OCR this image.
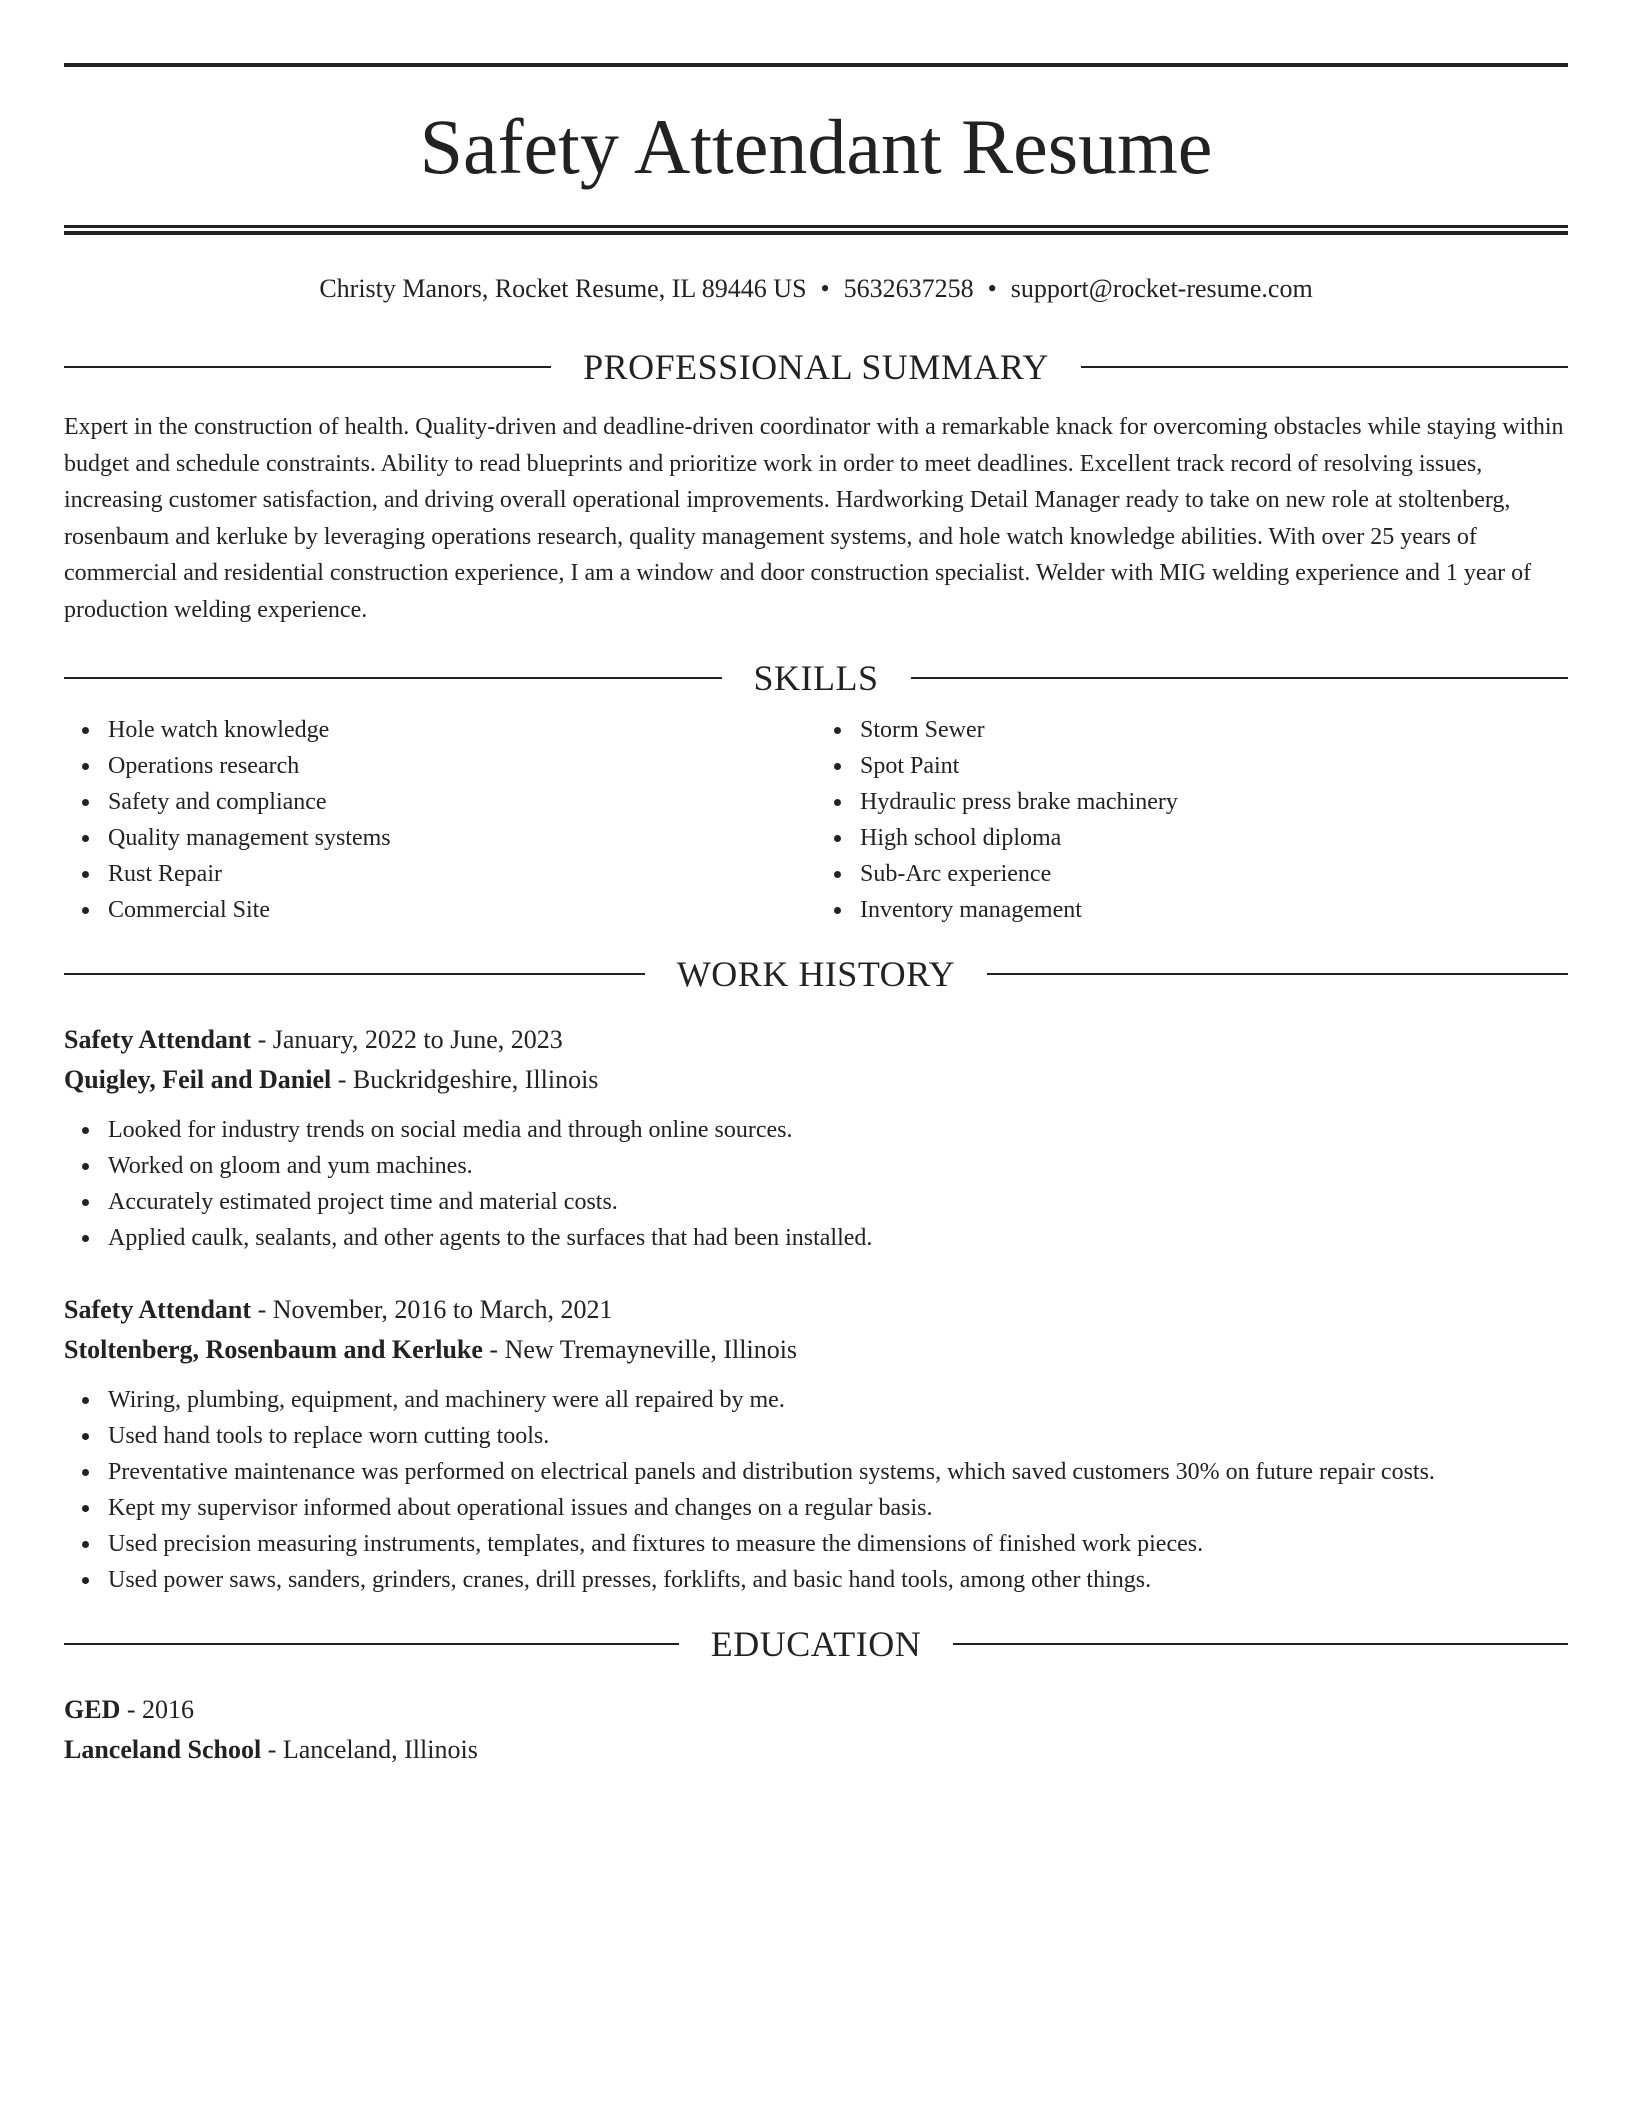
Safety Attendant Resume
Christy Manors, Rocket Resume, IL 89446 US • 5632637258 • support@rocket-resume.com
PROFESSIONAL SUMMARY
Expert in the construction of health. Quality-driven and deadline-driven coordinator with a remarkable knack for overcoming obstacles while staying within budget and schedule constraints. Ability to read blueprints and prioritize work in order to meet deadlines. Excellent track record of resolving issues, increasing customer satisfaction, and driving overall operational improvements. Hardworking Detail Manager ready to take on new role at stoltenberg, rosenbaum and kerluke by leveraging operations research, quality management systems, and hole watch knowledge abilities. With over 25 years of commercial and residential construction experience, I am a window and door construction specialist. Welder with MIG welding experience and 1 year of production welding experience.
SKILLS
Hole watch knowledge
Operations research
Safety and compliance
Quality management systems
Rust Repair
Commercial Site
Storm Sewer
Spot Paint
Hydraulic press brake machinery
High school diploma
Sub-Arc experience
Inventory management
WORK HISTORY
Safety Attendant - January, 2022 to June, 2023
Quigley, Feil and Daniel - Buckridgeshire, Illinois
Looked for industry trends on social media and through online sources.
Worked on gloom and yum machines.
Accurately estimated project time and material costs.
Applied caulk, sealants, and other agents to the surfaces that had been installed.
Safety Attendant - November, 2016 to March, 2021
Stoltenberg, Rosenbaum and Kerluke - New Tremayneville, Illinois
Wiring, plumbing, equipment, and machinery were all repaired by me.
Used hand tools to replace worn cutting tools.
Preventative maintenance was performed on electrical panels and distribution systems, which saved customers 30% on future repair costs.
Kept my supervisor informed about operational issues and changes on a regular basis.
Used precision measuring instruments, templates, and fixtures to measure the dimensions of finished work pieces.
Used power saws, sanders, grinders, cranes, drill presses, forklifts, and basic hand tools, among other things.
EDUCATION
GED - 2016
Lanceland School - Lanceland, Illinois
